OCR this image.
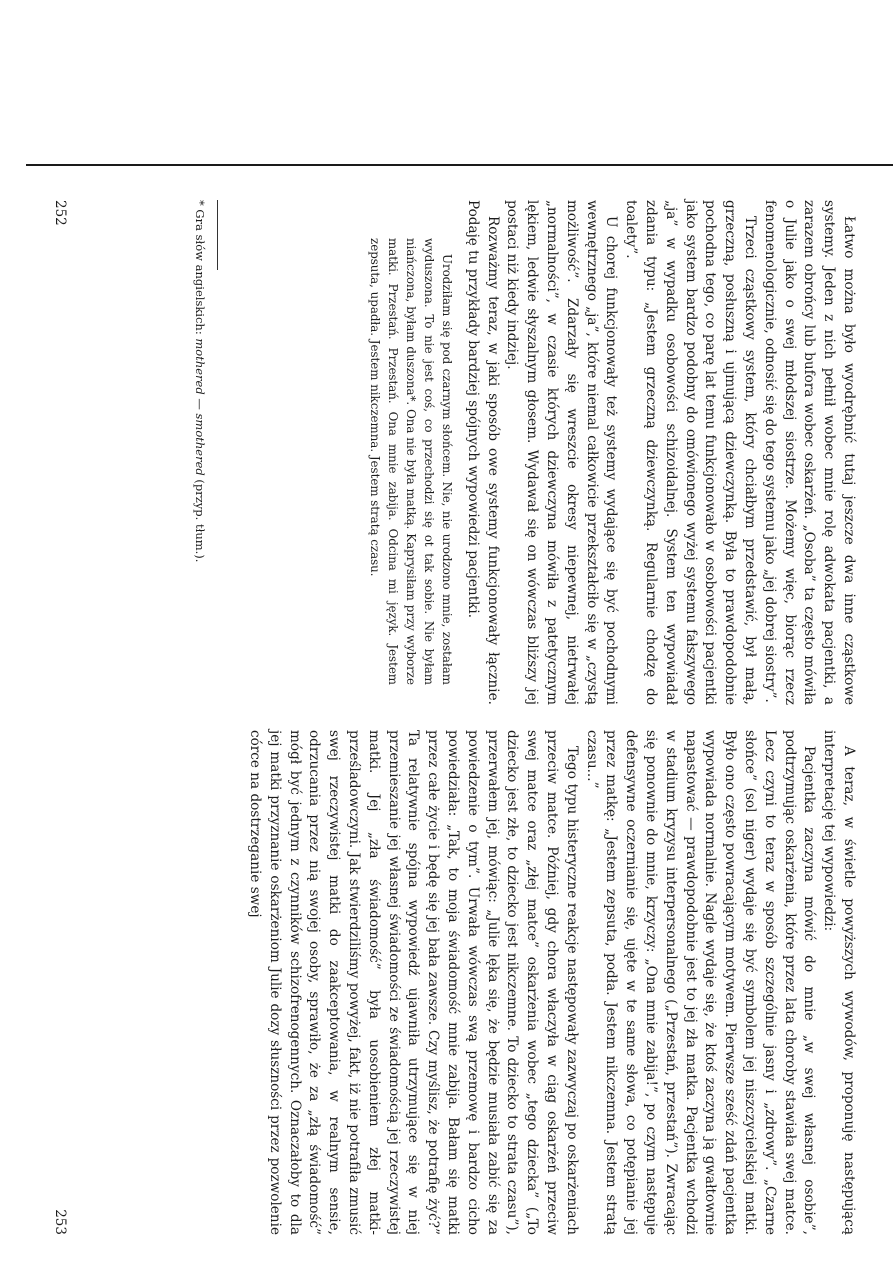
Łatwo można było wyodrębnić tutaj jeszcze dwa inne cząstkowe systemy. Jeden z nich pełnił wobec mnie rolę adwokata pacjentki, a zarazem obrońcy lub bufora wobec oskarżeń. „Osoba” ta często mówiła o Julie jako o swej młodszej siostrze. Możemy więc, biorąc rzecz fenomenologicznie, odnosić się do tego systemu jako „jej dobrej siostry”.

Trzeci cząstkowy system, który chciałbym przedstawić, był małą, grzeczną, posłuszną i ujmującą dziewczynką. Była to prawdopodobnie pochodna tego, co parę lat temu funkcjonowało w osobowości pacjentki jako system bardzo podobny do omówionego wyżej systemu fałszywego „ja” w wypadku osobowości schizoidalnej. System ten wypowiadał zdania typu: „Jestem grzeczną dziewczynką. Regularnie chodzę do toalety”.

U chorej funkcjonowały też systemy wydające się być pochodnymi wewnętrznego „ja”, które niemal całkowicie przekształciło się w „czystą możliwość”. Zdarzały się wreszcie okresy niepewnej, nietrwałej „normalności”, w czasie których dziewczyna mówiła z patetycznym lękiem, ledwie słyszalnym głosem. Wydawał się on wówczas bliższy jej postaci niż kiedy indziej.

Rozważmy teraz, w jaki sposób owe systemy funkcjonowały łącznie. Podaję tu przykłady bardziej spójnych wypowiedzi pacjentki.

Urodziłam się pod czarnym słońcem. Nie, nie urodzono mnie, zostałam wyduszona. To nie jest coś, co przechodzi się ot tak sobie. Nie byłam niańczona, byłam duszona*. Ona nie była matką. Kaprysiłam przy wyborze matki. Przestań. Przestań. Ona mnie zabija. Odcina mi język. Jestem zepsuta, upadła. Jestem nikczemna. Jestem stratą czasu.

* Gra słów angielskich: mothered — smothered (przyp. tłum.).
252

A teraz, w świetle powyższych wywodów, proponuję następującą interpretację tej wypowiedzi:

Pacjentka zaczyna mówić do mnie „w swej własnej osobie”, podtrzymując oskarżenia, które przez lata choroby stawiała swej matce. Lecz czyni to teraz w sposób szczególnie jasny i „zdrowy”. „Czarne słońce” (sol niger) wydaje się być symbolem jej niszczycielskiej matki. Było ono często powracającym motywem. Pierwsze sześć zdań pacjentka wypowiada normalnie. Nagle wydaje się, że ktoś zaczyna ją gwałtownie napastować — prawdopodobnie jest to jej zła matka. Pacjentka wchodzi w stadium kryzysu interpersonalnego („Przestań, przestań”). Zwracając się ponownie do mnie, krzyczy: „Ona mnie zabija!”, po czym następuje defensywne oczernianie się, ujęte w te same słowa, co potępianie jej przez matkę: „Jestem zepsuta, podła. Jestem nikczemna. Jestem stratą czasu...”

Tego typu histeryczne reakcje następowały zazwyczaj po oskarżeniach przeciw matce. Później, gdy chora właczyła w ciąg oskarżeń przeciw swej matce oraz „złej matce” oskarżenia wobec „tego dziecka” („To dziecko jest złe, to dziecko jest nikczemne. To dziecko to strata czasu”), przerwałem jej, mówiąc: „Julie lęka się, że będzie musiała zabić się za powiedzenie o tym”. Urwała wówczas swą przemowę i bardzo cicho powiedziała: „Tak, to moja świadomość mnie zabija. Bałam się matki przez całe życie i będę się jej bała zawsze. Czy myślisz, że potrafię żyć?” Ta relatywnie spójna wypowiedź ujawniła utrzymujące się w niej przemieszanie jej własnej świadomości ze świadomością jej rzeczywistej matki. Jej „zła świadomość” była uosobieniem złej matki-prześladowczyni. Jak stwierdziliśmy powyżej, fakt, iż nie potrafiła zmusić swej rzeczywistej matki do zaakceptowania, w realnym sensie, odrzucania przez nią swojej osoby, sprawiło, że za „złą świadomość” mógł być jednym z czynników schizofrenogennych. Oznaczałoby to dla jej matki przyznanie oskarżeniom Julie dozy słuszności przez pozwolenie córce na dostrzeganie swej

253
